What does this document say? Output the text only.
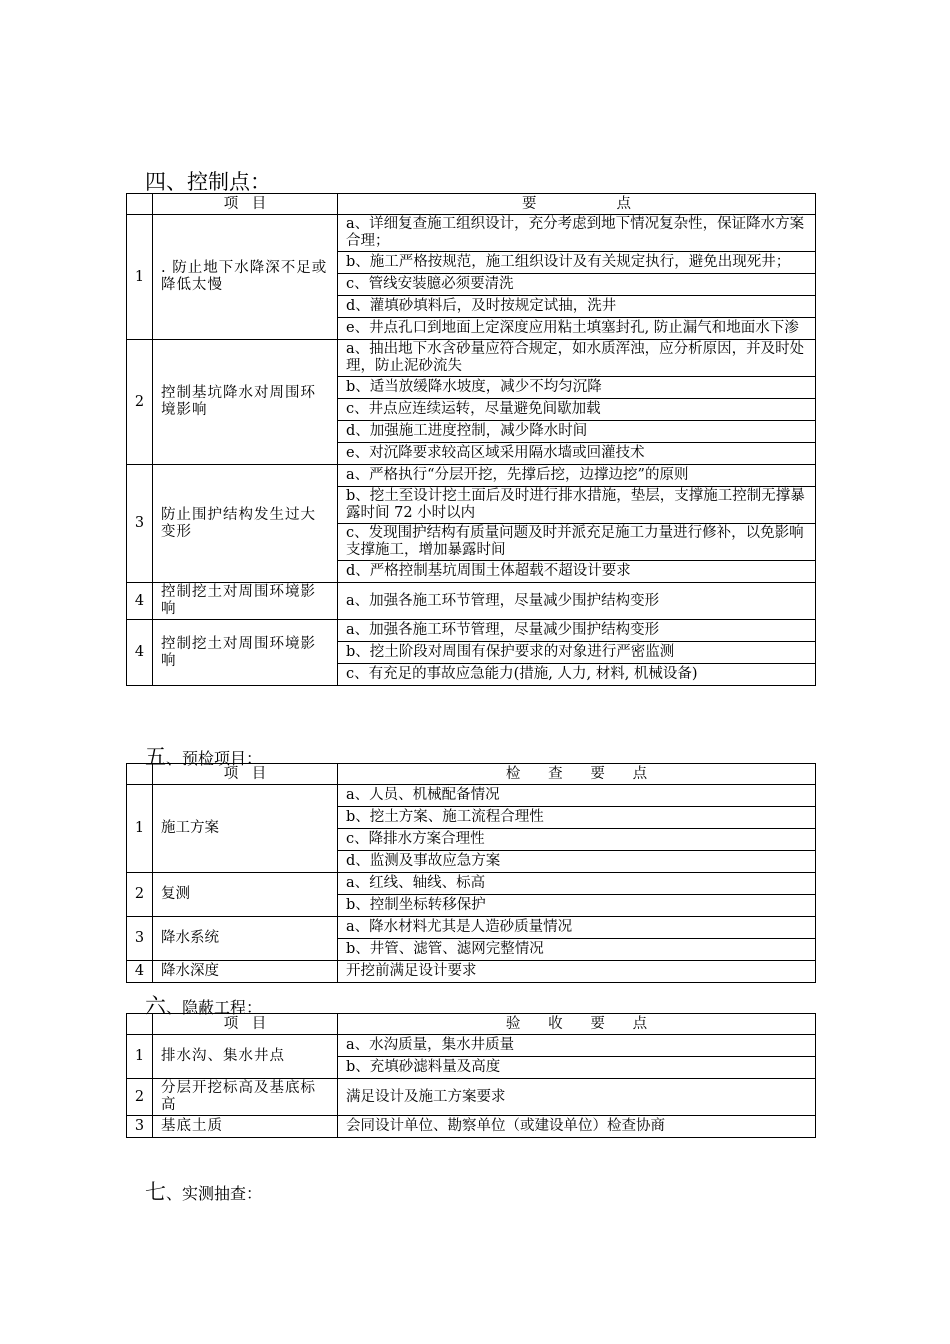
四、控制点：

	项 目	要 点

1	. 防止地下水降深不足或降低太慢	a、详细复查施工组织设计，充分考虑到地下情况复杂性，保证降水方案合理；
		b、施工严格按规范，施工组织设计及有关规定执行，避免出现死井；
		c、管线安装臆必须要清洗
		d、灌填砂填料后，及时按规定试抽，洗井
		e、井点孔口到地面上定深度应用粘土填塞封孔, 防止漏气和地面水下渗
2	控制基坑降水对周围环境影响	a、抽出地下水含砂量应符合规定，如水质浑浊，应分析原因，并及时处理，防止泥砂流失
		b、适当放缓降水坡度，减少不均匀沉降
		c、井点应连续运转，尽量避免间歇加载
		d、加强施工进度控制，减少降水时间
		e、对沉降要求较高区域采用隔水墙或回灌技术
3	防止围护结构发生过大变形	a、严格执行“分层开挖，先撑后挖，边撑边挖”的原则
		b、挖土至设计挖土面后及时进行排水措施，垫层，支撑施工控制无撑暴露时间 72 小时以内
		c、发现围护结构有质量问题及时并派充足施工力量进行修补，以免影响支撑施工，增加暴露时间
		d、严格控制基坑周围土体超载不超设计要求
4	控制挖土对周围环境影响	a、加强各施工环节管理，尽量减少围护结构变形
4	控制挖土对周围环境影响	a、加强各施工环节管理，尽量减少围护结构变形
		b、挖土阶段对周围有保护要求的对象进行严密监测
		c、有充足的事故应急能力(措施, 人力, 材料, 机械设备)
五、预检项目：

	项 目	检 查 要 点

1	施工方案	a、人员、机械配备情况
		b、挖土方案、施工流程合理性
		c、降排水方案合理性
		d、监测及事故应急方案
2	复测	a、红线、轴线、标高
		b、控制坐标转移保护
3	降水系统	a、降水材料尤其是人造砂质量情况
		b、井管、滤管、滤网完整情况
4	降水深度	开挖前满足设计要求
六、隐蔽工程：

	项 目	验 收 要 点

1	排水沟、集水井点	a、水沟质量，集水井质量
		b、充填砂滤料量及高度
2	分层开挖标高及基底标高	满足设计及施工方案要求
3	基底土质	会同设计单位、勘察单位（或建设单位）检查协商
七、实测抽查：
